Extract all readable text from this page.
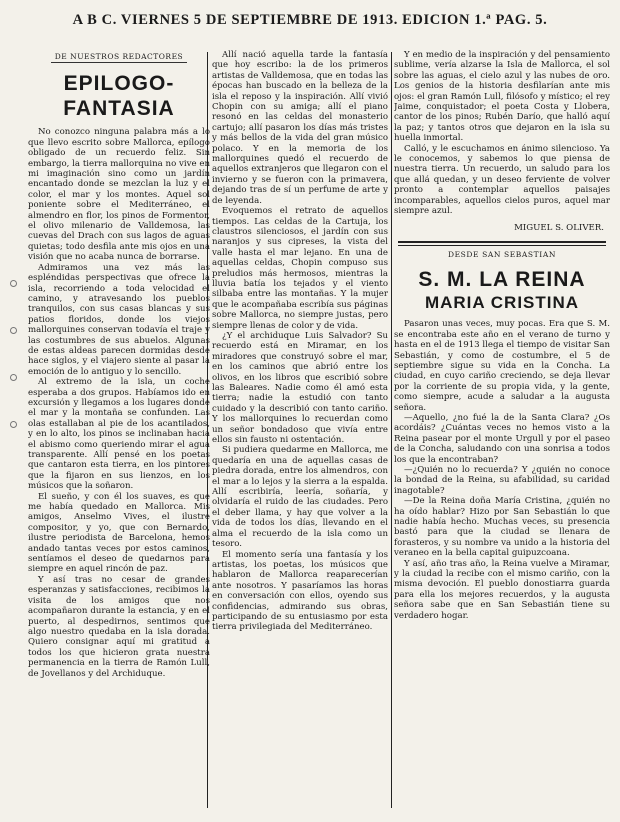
A B C. VIERNES 5 DE SEPTIEMBRE DE 1913. EDICION 1.ª PAG. 5.
DE NUESTROS REDACTORES
EPILOGO-FANTASIA

No conozco ninguna palabra más a lo que llevo escrito sobre Mallorca, epílogo obligado de un recuerdo feliz. Sin embargo, la tierra mallorquina no vive en mi imaginación sino como un jardín encantado donde se mezclan la luz y el color, el mar y los montes. Aquel sol poniente sobre el Mediterráneo, el almendro en flor, los pinos de Formentor, el olivo milenario de Valldemosa, las cuevas del Drach con sus lagos de aguas quietas; todo desfila ante mis ojos en una visión que no acaba nunca de borrarse.

Admiramos una vez más las espléndidas perspectivas que ofrece la isla, recorriendo a toda velocidad el camino, y atravesando los pueblos tranquilos, con sus casas blancas y sus patios floridos, donde los viejos mallorquines conservan todavía el traje y las costumbres de sus abuelos. Algunas de estas aldeas parecen dormidas desde hace siglos, y el viajero siente al pasar la emoción de lo antiguo y lo sencillo.

Al extremo de la isla, un coche esperaba a dos grupos. Habíamos ido en excursión y llegamos a los lugares donde el mar y la montaña se confunden. Las olas estallaban al pie de los acantilados, y en lo alto, los pinos se inclinaban hacia el abismo como queriendo mirar el agua transparente. Allí pensé en los poetas que cantaron esta tierra, en los pintores que la fijaron en sus lienzos, en los músicos que la soñaron.

El sueño, y con él los suaves, es que me había quedado en Mallorca. Mis amigos, Anselmo Vives, el ilustre compositor, y yo, que con Bernardo, ilustre periodista de Barcelona, hemos andado tantas veces por estos caminos, sentíamos el deseo de quedarnos para siempre en aquel rincón de paz.

Y así tras no cesar de grandes esperanzas y satisfacciones, recibimos la visita de los amigos que nos acompañaron durante la estancia, y en el puerto, al despedirnos, sentimos que algo nuestro quedaba en la isla dorada. Quiero consignar aquí mi gratitud a todos los que hicieron grata nuestra permanencia en la tierra de Ramón Lull, de Jovellanos y del Archiduque.

Allí nació aquella tarde la fantasía que hoy escribo: la de los primeros artistas de Valldemosa, que en todas las épocas han buscado en la belleza de la isla el reposo y la inspiración. Allí vivió Chopin con su amiga; allí el piano resonó en las celdas del monasterio cartujo; allí pasaron los días más tristes y más bellos de la vida del gran músico polaco. Y en la memoria de los mallorquines quedó el recuerdo de aquellos extranjeros que llegaron con el invierno y se fueron con la primavera, dejando tras de sí un perfume de arte y de leyenda.

Evoquemos el retrato de aquellos tiempos. Las celdas de la Cartuja, los claustros silenciosos, el jardín con sus naranjos y sus cipreses, la vista del valle hasta el mar lejano. En una de aquellas celdas, Chopin compuso sus preludios más hermosos, mientras la lluvia batía los tejados y el viento silbaba entre las montañas. Y la mujer que le acompañaba escribía sus páginas sobre Mallorca, no siempre justas, pero siempre llenas de color y de vida.

¿Y el archiduque Luis Salvador? Su recuerdo está en Miramar, en los miradores que construyó sobre el mar, en los caminos que abrió entre los olivos, en los libros que escribió sobre las Baleares. Nadie como él amó esta tierra; nadie la estudió con tanto cuidado y la describió con tanto cariño. Y los mallorquines lo recuerdan como un señor bondadoso que vivía entre ellos sin fausto ni ostentación.

Si pudiera quedarme en Mallorca, me quedaría en una de aquellas casas de piedra dorada, entre los almendros, con el mar a lo lejos y la sierra a la espalda. Allí escribiría, leería, soñaría, y olvidaría el ruido de las ciudades. Pero el deber llama, y hay que volver a la vida de todos los días, llevando en el alma el recuerdo de la isla como un tesoro.

El momento sería una fantasía y los artistas, los poetas, los músicos que hablaron de Mallorca reaparecerían ante nosotros. Y pasaríamos las horas en conversación con ellos, oyendo sus confidencias, admirando sus obras, participando de su entusiasmo por esta tierra privilegiada del Mediterráneo.

Y en medio de la inspiración y del pensamiento sublime, vería alzarse la Isla de Mallorca, el sol sobre las aguas, el cielo azul y las nubes de oro. Los genios de la historia desfilarían ante mis ojos: el gran Ramón Lull, filósofo y místico; el rey Jaime, conquistador; el poeta Costa y Llobera, cantor de los pinos; Rubén Darío, que halló aquí la paz; y tantos otros que dejaron en la isla su huella inmortal.

Calló, y le escuchamos en ánimo silencioso. Ya le conocemos, y sabemos lo que piensa de nuestra tierra. Un recuerdo, un saludo para los que allá quedan, y un deseo ferviente de volver pronto a contemplar aquellos paisajes incomparables, aquellos cielos puros, aquel mar siempre azul.

MIGUEL S. OLIVER.
DESDE SAN SEBASTIAN
S. M. LA REINA
MARIA CRISTINA

Pasaron unas veces, muy pocas. Era que S. M. se encontraba este año en el verano de turno y hasta en el de 1913 llega el tiempo de visitar San Sebastián, y como de costumbre, el 5 de septiembre sigue su vida en la Concha. La ciudad, en cuyo cariño creciendo, se deja llevar por la corriente de su propia vida, y la gente, como siempre, acude a saludar a la augusta señora.

—Aquello, ¿no fué la de la Santa Clara? ¿Os acordáis? ¿Cuántas veces no hemos visto a la Reina pasear por el monte Urgull y por el paseo de la Concha, saludando con una sonrisa a todos los que la encontraban?

—¿Quién no lo recuerda? Y ¿quién no conoce la bondad de la Reina, su afabilidad, su caridad inagotable?

—De la Reina doña María Cristina, ¿quién no ha oído hablar? Hizo por San Sebastián lo que nadie había hecho. Muchas veces, su presencia bastó para que la ciudad se llenara de forasteros, y su nombre va unido a la historia del veraneo en la bella capital guipuzcoana.

Y así, año tras año, la Reina vuelve a Miramar, y la ciudad la recibe con el mismo cariño, con la misma devoción. El pueblo donostiarra guarda para ella los mejores recuerdos, y la augusta señora sabe que en San Sebastián tiene su verdadero hogar.
